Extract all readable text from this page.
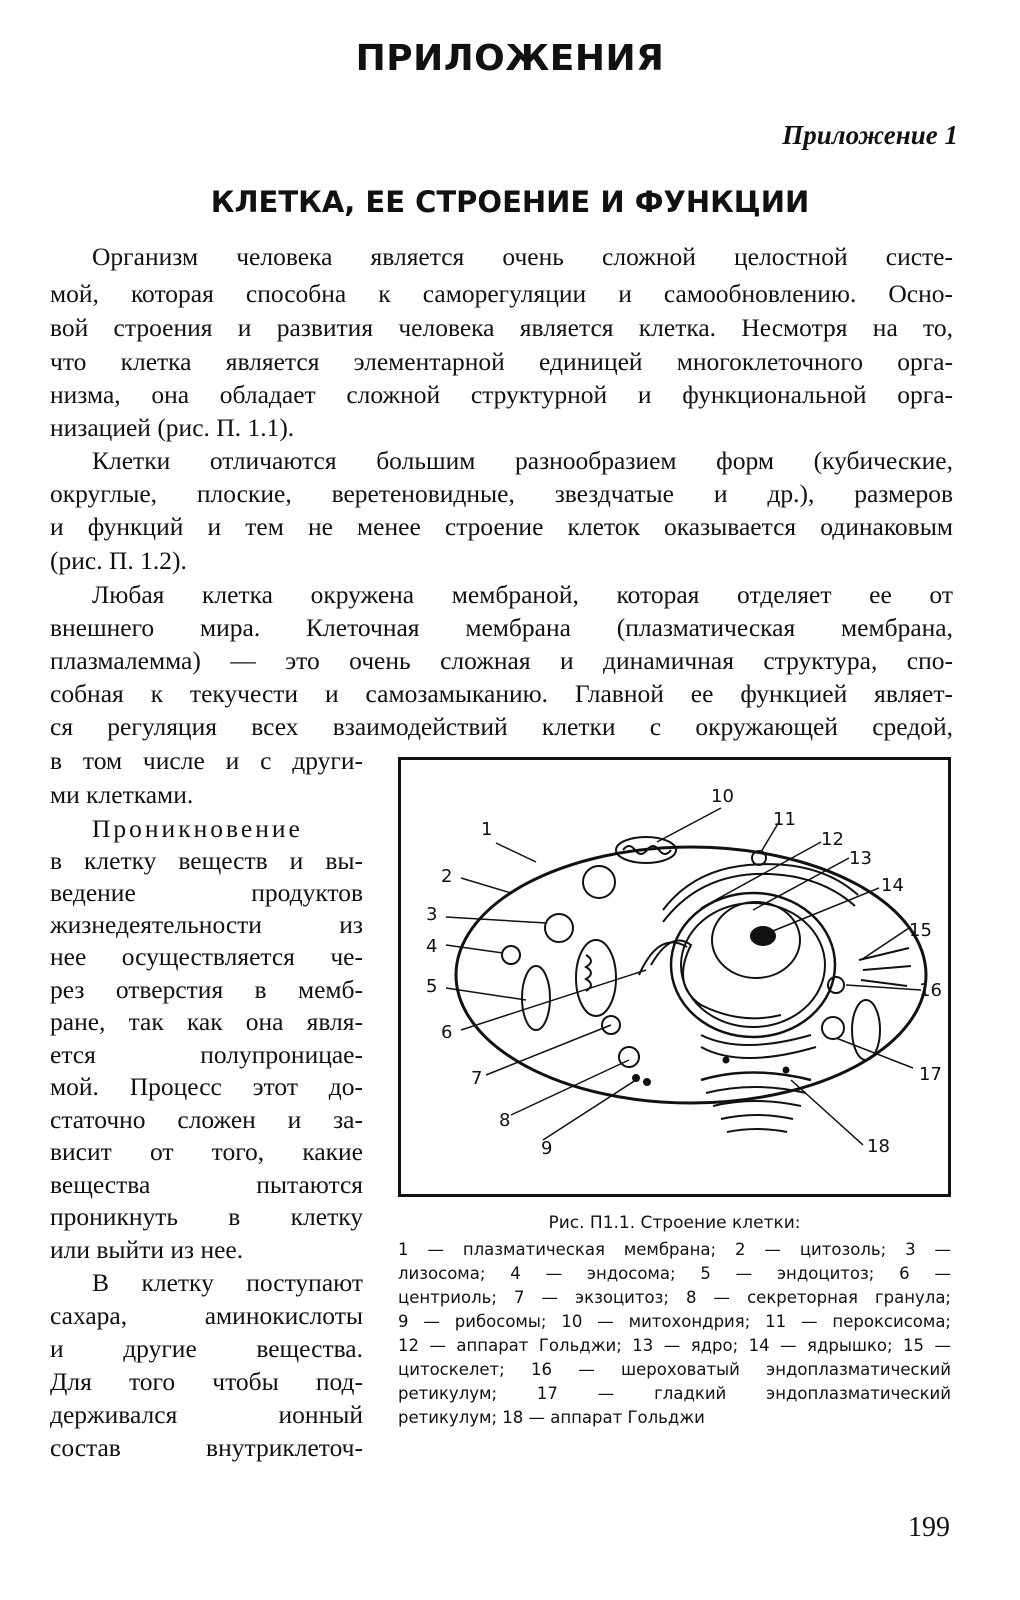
ПРИЛОЖЕНИЯ
Приложение 1
КЛЕТКА, ЕЕ СТРОЕНИЕ И ФУНКЦИИ
Организм человека является очень сложной целостной систе-
мой, которая способна к саморегуляции и самообновлению. Осно-
вой строения и развития человека является клетка. Несмотря на то,
что клетка является элементарной единицей многоклеточного орга-
низма, она обладает сложной структурной и функциональной орга-
низацией (рис. П. 1.1).
Клетки отличаются большим разнообразием форм (кубические,
округлые, плоские, веретеновидные, звездчатые и др.), размеров
и функций и тем не менее строение клеток оказывается одинаковым
(рис. П. 1.2).
Любая клетка окружена мембраной, которая отделяет ее от
внешнего мира. Клеточная мембрана (плазматическая мембрана,
плазмалемма) — это очень сложная и динамичная структура, спо-
собная к текучести и самозамыканию. Главной ее функцией являет-
ся регуляция всех взаимодействий клетки с окружающей средой,
в том числе и с други-
ми клетками.
Проникновение
в клетку веществ и вы-
ведение продуктов
жизнедеятельности из
нее осуществляется че-
рез отверстия в мемб-
ране, так как она явля-
ется полупроницае-
мой. Процесс этот до-
статочно сложен и за-
висит от того, какие
вещества пытаются
проникнуть в клетку
или выйти из нее.
В клетку поступают
сахара, аминокислоты
и другие вещества.
Для того чтобы под-
держивался ионный
состав внутриклеточ-
1
2
3
4
5
6
7
8
9
10
11
12
13
14
15
16
17
18
Рис. П1.1. Строение клетки:
1 — плазматическая мембрана; 2 — цитозоль; 3 —
лизосома; 4 — эндосома; 5 — эндоцитоз; 6 —
центриоль; 7 — экзоцитоз; 8 — секреторная гранула;
9 — рибосомы; 10 — митохондрия; 11 — пероксисома;
12 — аппарат Гольджи; 13 — ядро; 14 — ядрышко; 15 —
цитоскелет; 16 — шероховатый эндоплазматический
ретикулум; 17 — гладкий эндоплазматический
ретикулум; 18 — аппарат Гольджи
199
